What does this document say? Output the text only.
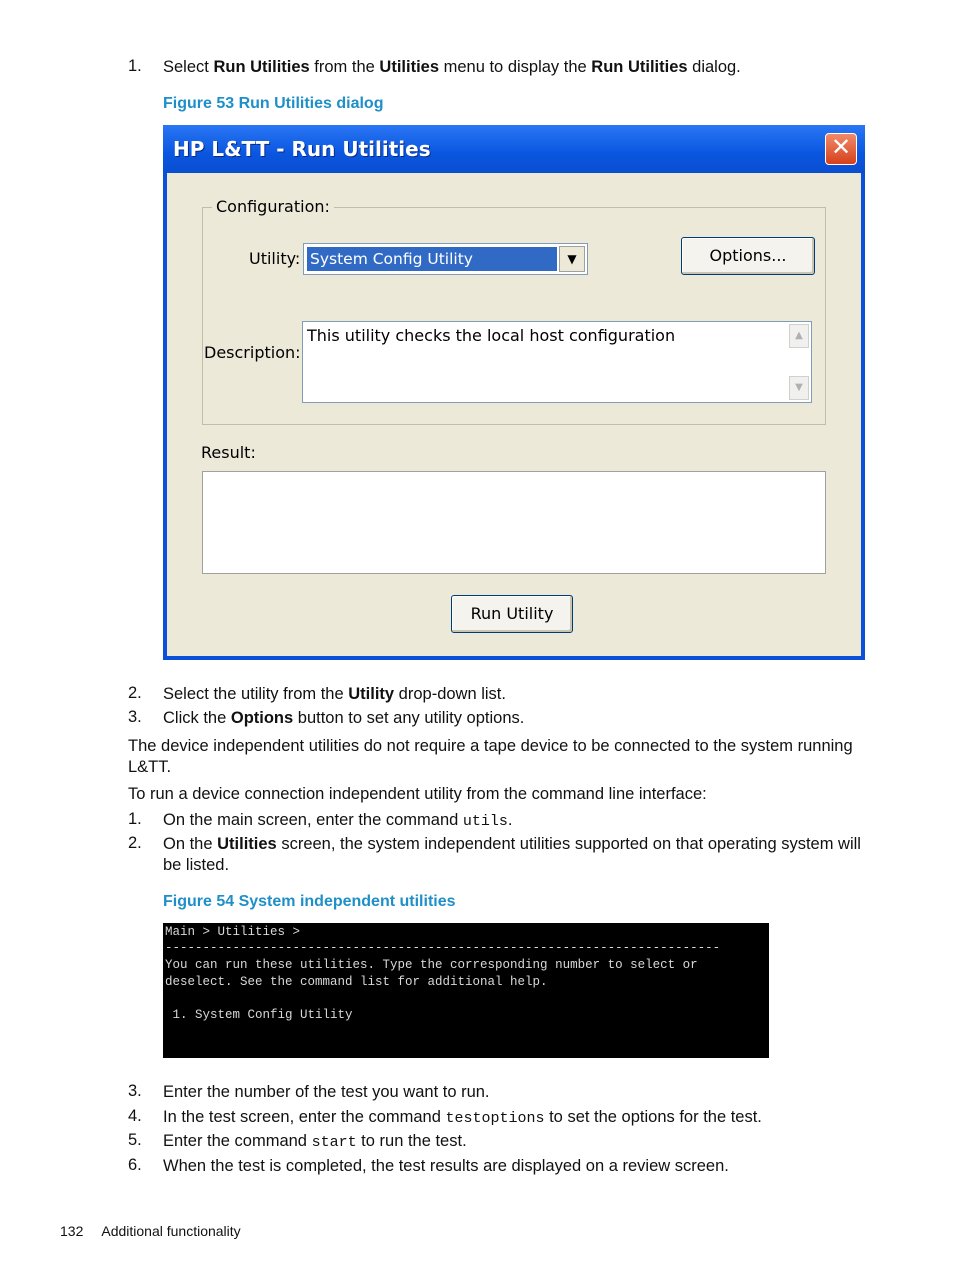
1. Select Run Utilities from the Utilities menu to display the Run Utilities dialog.
Figure 53 Run Utilities dialog
HP L&TT - Run Utilities	✕
Configuration:
Utility: System Config Utility	▼	Options...
Description:
This utility checks the local host configuration	▲
▼
Result:
Run Utility
2. Select the utility from the Utility drop-down list.
3. Click the Options button to set any utility options.
The device independent utilities do not require a tape device to be connected to the system running L&TT.
To run a device connection independent utility from the command line interface:
1. On the main screen, enter the command utils.
2. On the Utilities screen, the system independent utilities supported on that operating system will be listed.
Figure 54 System independent utilities
Main > Utilities >
--------------------------------------------------------------------------
You can run these utilities. Type the corresponding number to select or
deselect. See the command list for additional help.
1. System Config Utility
3. Enter the number of the test you want to run.
4. In the test screen, enter the command testoptions to set the options for the test.
5. Enter the command start to run the test.
6. When the test is completed, the test results are displayed on a review screen.
132 Additional functionality
